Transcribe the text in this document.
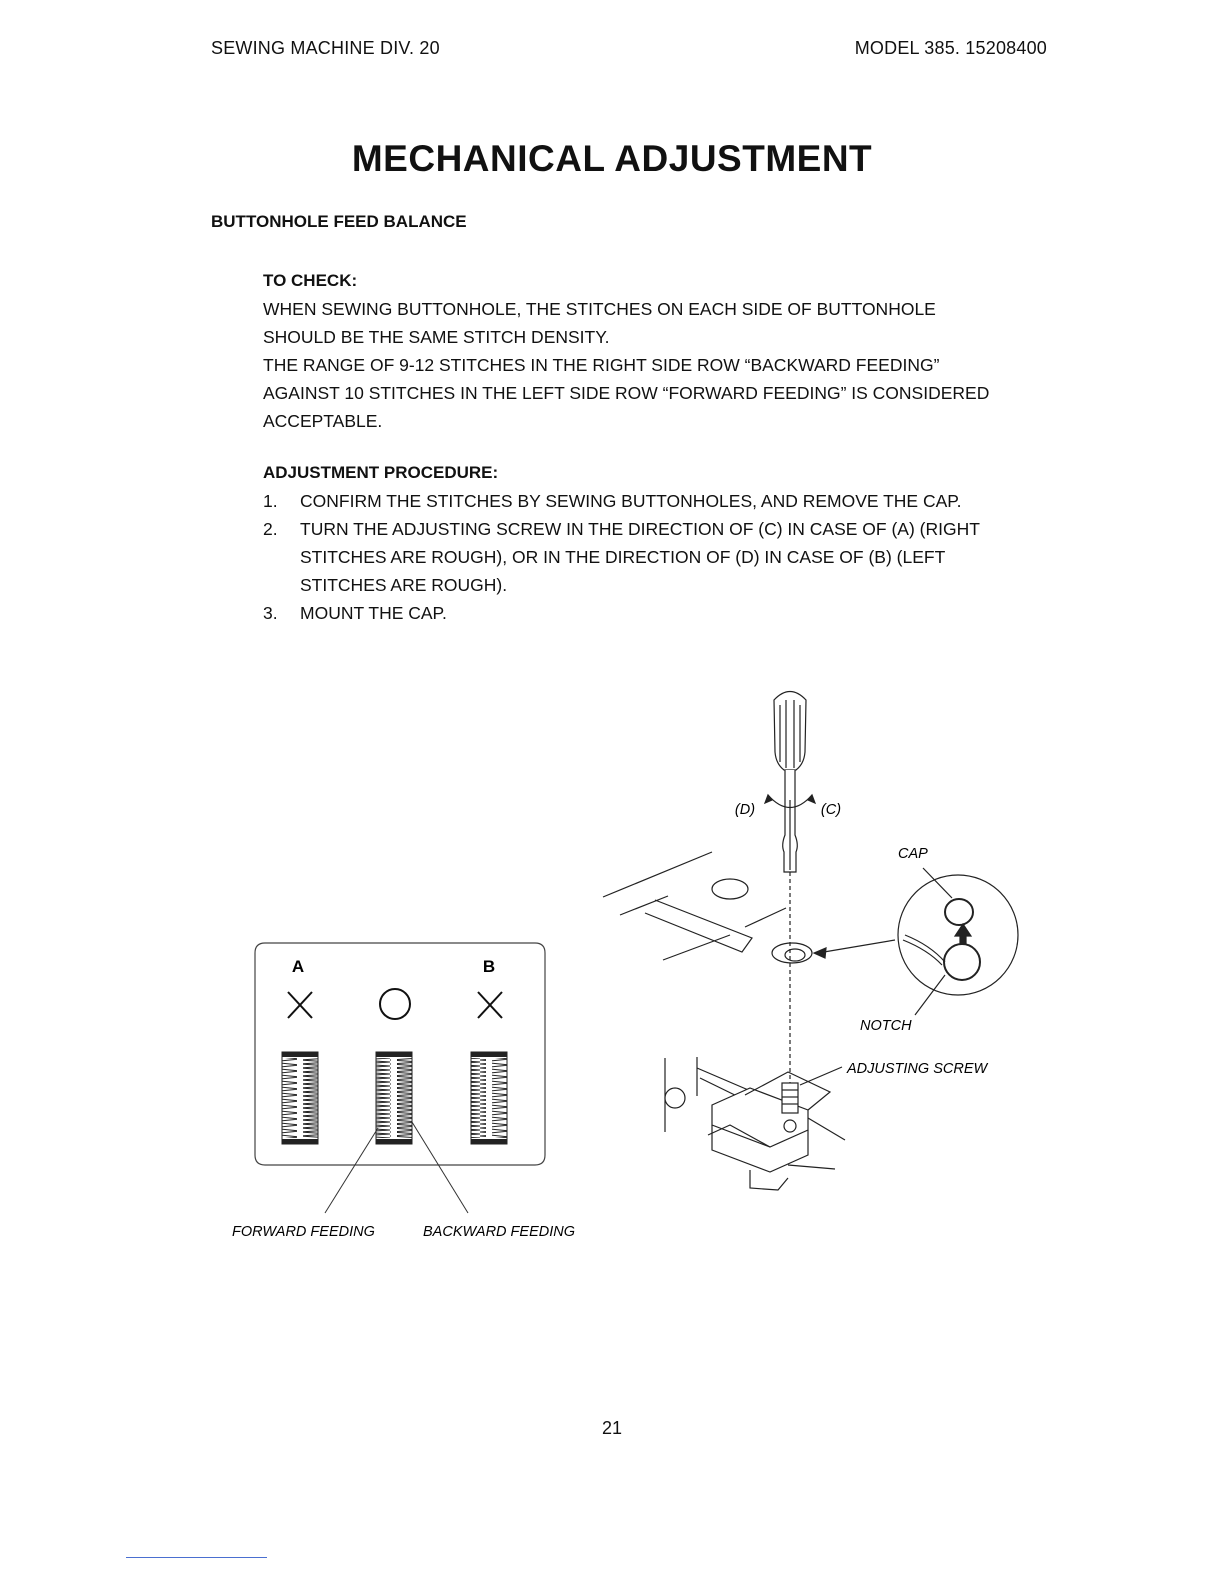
SEWING MACHINE DIV. 20	MODEL 385. 15208400
MECHANICAL ADJUSTMENT
BUTTONHOLE FEED BALANCE
TO CHECK:

WHEN SEWING BUTTONHOLE, THE STITCHES ON EACH SIDE OF BUTTONHOLE

SHOULD BE THE SAME STITCH DENSITY.

THE RANGE OF 9-12 STITCHES IN THE RIGHT SIDE ROW “BACKWARD FEEDING”

AGAINST 10 STITCHES IN THE LEFT SIDE ROW “FORWARD FEEDING” IS CONSIDERED

ACCEPTABLE.

ADJUSTMENT PROCEDURE:
1. CONFIRM THE STITCHES BY SEWING BUTTONHOLES, AND REMOVE THE CAP.
2. TURN THE ADJUSTING SCREW IN THE DIRECTION OF (C) IN CASE OF (A) (RIGHT STITCHES ARE ROUGH), OR IN THE DIRECTION OF (D) IN CASE OF (B) (LEFT STITCHES ARE ROUGH).
3. MOUNT THE CAP.
A	B
FORWARD FEEDING	BACKWARD FEEDING
(D)	(C)
CAP
NOTCH
ADJUSTING SCREW
21
